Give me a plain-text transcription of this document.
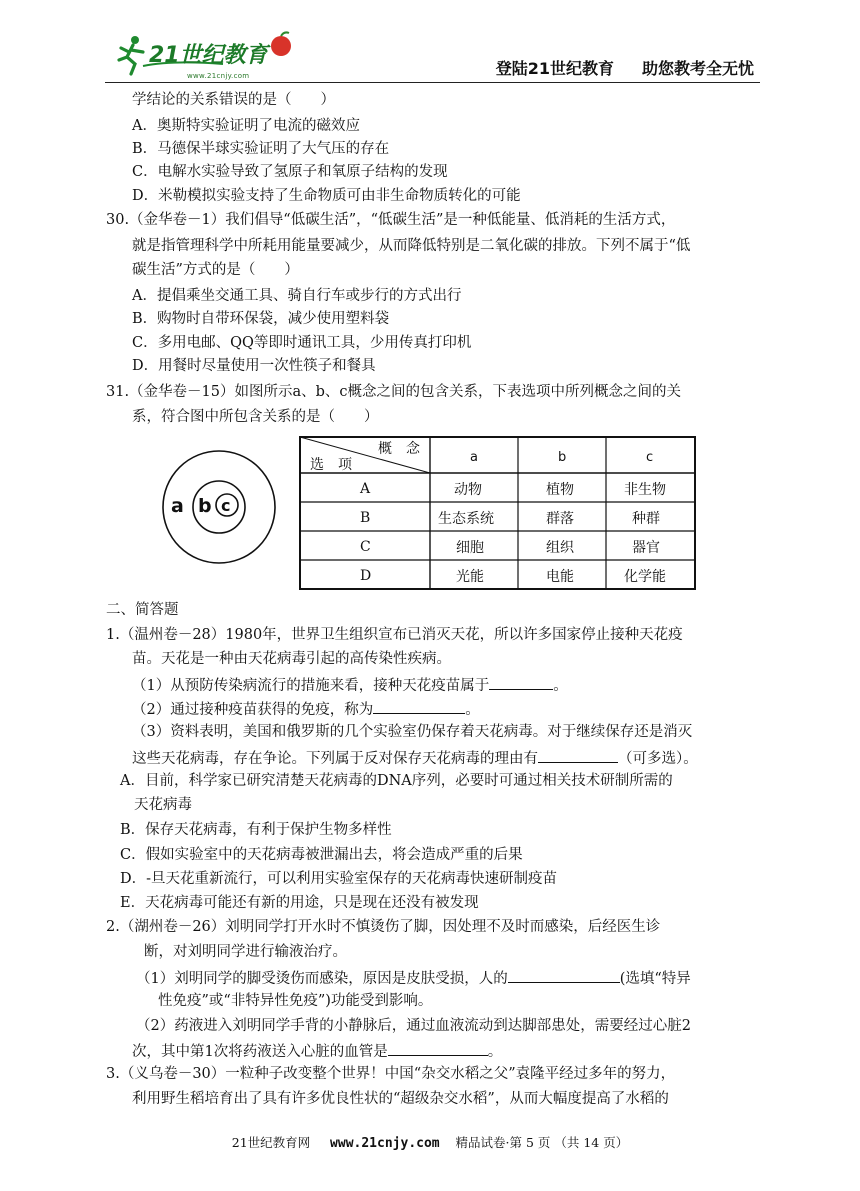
21世纪教育
www.21cnjy.com	登陆21世纪教育 助您教考全无忧
学结论的关系错误的是（　　）
A．奥斯特实验证明了电流的磁效应
B．马德保半球实验证明了大气压的存在
C．电解水实验导致了氢原子和氧原子结构的发现
D．米勒模拟实验支持了生命物质可由非生命物质转化的可能
30.（金华卷－1）我们倡导“低碳生活”，“低碳生活”是一种低能量、低消耗的生活方式，
就是指管理科学中所耗用能量要减少，从而降低特别是二氧化碳的排放。下列不属于“低
碳生活”方式的是（　　）
A．提倡乘坐交通工具、骑自行车或步行的方式出行
B．购物时自带环保袋，减少使用塑料袋
C．多用电邮、QQ等即时通讯工具，少用传真打印机
D．用餐时尽量使用一次性筷子和餐具
31.（金华卷－15）如图所示a、b、c概念之间的包含关系，下表选项中所列概念之间的关
系，符合图中所包含关系的是（　　）
a b c
概　念
选　项	a	b	c
A	动物	植物	非生物
B	生态系统	群落	种群
C	细胞	组织	器官
D	光能	电能	化学能
二、简答题
1.（温州卷－28）1980年，世界卫生组织宣布已消灭天花，所以许多国家停止接种天花疫
苗。天花是一种由天花病毒引起的高传染性疾病。
（1）从预防传染病流行的措施来看，接种天花疫苗属于	。
（2）通过接种疫苗获得的免疫，称为	。
（3）资料表明，美国和俄罗斯的几个实验室仍保存着天花病毒。对于继续保存还是消灭
这些天花病毒，存在争论。下列属于反对保存天花病毒的理由有	（可多选）。
A．目前，科学家已研究清楚天花病毒的DNA序列，必要时可通过相关技术研制所需的
天花病毒
B．保存天花病毒，有利于保护生物多样性
C．假如实验室中的天花病毒被泄漏出去，将会造成严重的后果
D．-旦天花重新流行，可以利用实验室保存的天花病毒快速研制疫苗
E．天花病毒可能还有新的用途，只是现在还没有被发现
2.（湖州卷－26）刘明同学打开水时不慎烫伤了脚，因处理不及时而感染，后经医生诊
断，对刘明同学进行输液治疗。
（1）刘明同学的脚受烫伤而感染，原因是皮肤受损，人的	(选填“特异
性免疫”或“非特异性免疫”)功能受到影响。
（2）药液进入刘明同学手背的小静脉后，通过血液流动到达脚部患处，需要经过心脏2
次，其中第1次将药液送入心脏的血管是	。
3.（义乌卷－30）一粒种子改变整个世界！中国“杂交水稻之父”袁隆平经过多年的努力，
利用野生稻培育出了具有许多优良性状的“超级杂交水稻”，从而大幅度提高了水稻的
21世纪教育网 www.21cnjy.com 精品试卷·第 5 页 （共 14 页）
